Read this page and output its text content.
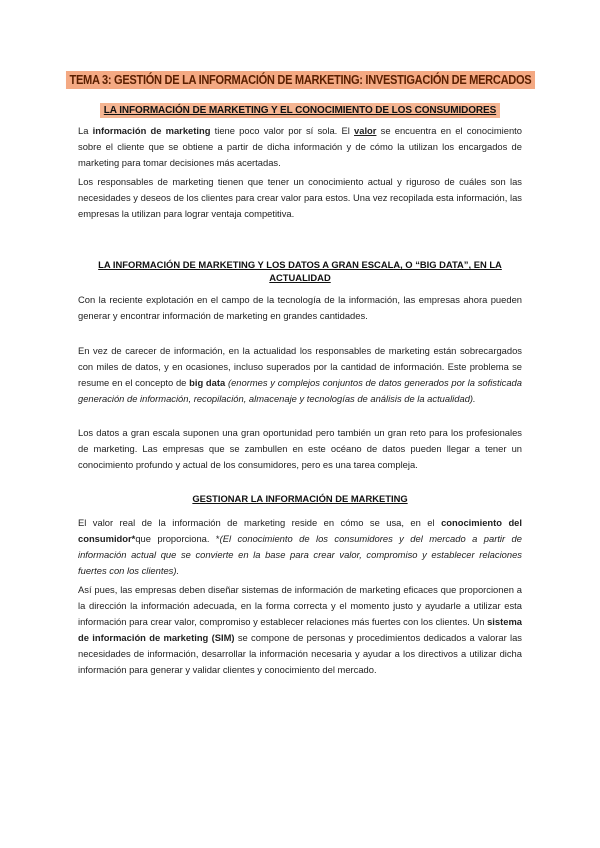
TEMA 3: GESTIÓN DE LA INFORMACIÓN DE MARKETING: INVESTIGACIÓN DE MERCADOS
LA INFORMACIÓN DE MARKETING Y EL CONOCIMIENTO DE LOS CONSUMIDORES
La información de marketing tiene poco valor por sí sola. El valor se encuentra en el conocimiento sobre el cliente que se obtiene a partir de dicha información y de cómo la utilizan los encargados de marketing para tomar decisiones más acertadas.
Los responsables de marketing tienen que tener un conocimiento actual y riguroso de cuáles son las necesidades y deseos de los clientes para crear valor para estos. Una vez recopilada esta información, las empresas la utilizan para lograr ventaja competitiva.
LA INFORMACIÓN DE MARKETING Y LOS DATOS A GRAN ESCALA, O “BIG DATA”, EN LA ACTUALIDAD
Con la reciente explotación en el campo de la tecnología de la información, las empresas ahora pueden generar y encontrar información de marketing en grandes cantidades.
En vez de carecer de información, en la actualidad los responsables de marketing están sobrecargados con miles de datos, y en ocasiones, incluso superados por la cantidad de información. Este problema se resume en el concepto de big data (enormes y complejos conjuntos de datos generados por la sofisticada generación de información, recopilación, almacenaje y tecnologías de análisis de la actualidad).
Los datos a gran escala suponen una gran oportunidad pero también un gran reto para los profesionales de marketing. Las empresas que se zambullen en este océano de datos pueden llegar a tener un conocimiento profundo y actual de los consumidores, pero es una tarea compleja.
GESTIONAR LA INFORMACIÓN DE MARKETING
El valor real de la información de marketing reside en cómo se usa, en el conocimiento del consumidor*que proporciona. *(El conocimiento de los consumidores y del mercado a partir de información actual que se convierte en la base para crear valor, compromiso y establecer relaciones fuertes con los clientes).
Así pues, las empresas deben diseñar sistemas de información de marketing eficaces que proporcionen a la dirección la información adecuada, en la forma correcta y el momento justo y ayudarle a utilizar esta información para crear valor, compromiso y establecer relaciones más fuertes con los clientes. Un sistema de información de marketing (SIM) se compone de personas y procedimientos dedicados a valorar las necesidades de información, desarrollar la información necesaria y ayudar a los directivos a utilizar dicha información para generar y validar clientes y conocimiento del mercado.
